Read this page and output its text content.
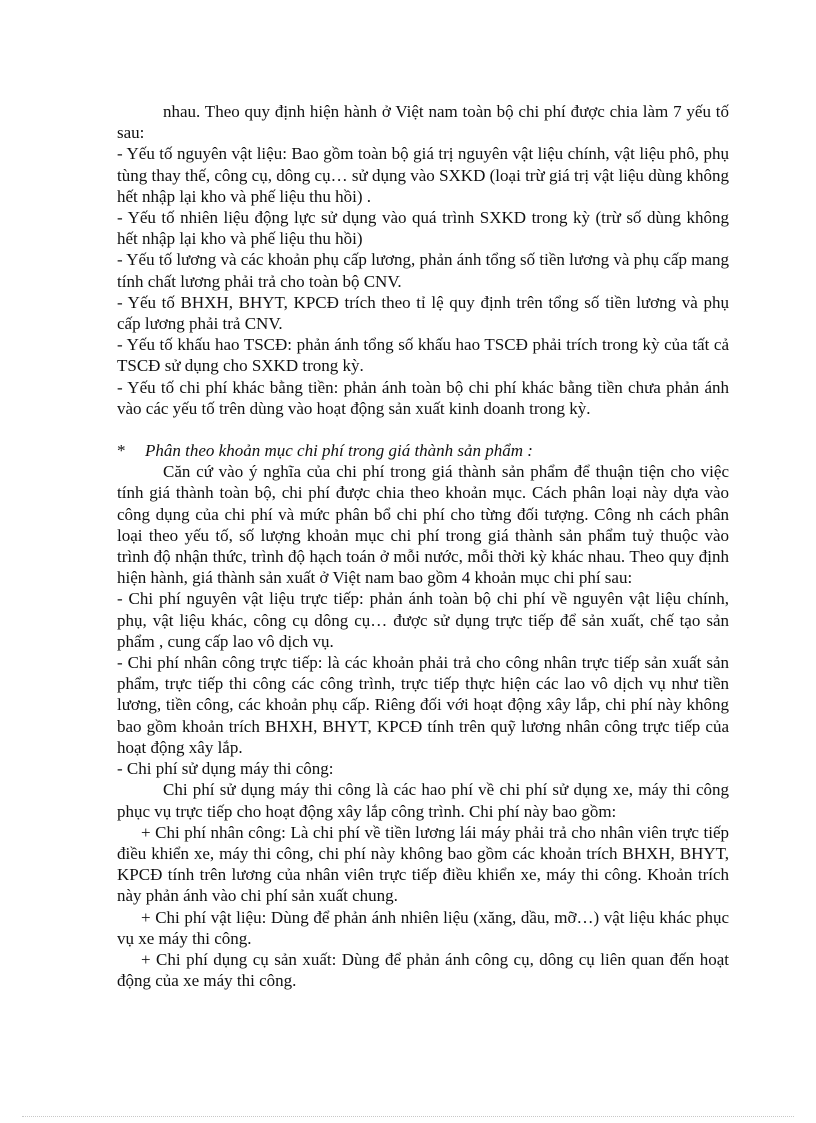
nhau. Theo quy định hiện hành ở Việt nam toàn bộ chi phí được chia làm 7 yếu tố sau:

- Yếu tố nguyên vật liệu: Bao gồm toàn bộ giá trị nguyên vật liệu chính, vật liệu phô, phụ tùng thay thế, công cụ, dông cụ… sử dụng vào SXKD (loại trừ giá trị vật liệu dùng không hết nhập lại kho và phế liệu thu hồi) .

- Yếu tố nhiên liệu động lực sử dụng vào quá trình SXKD trong kỳ (trừ số dùng không hết nhập lại kho và phế liệu thu hồi)

- Yếu tố lương và các khoản phụ cấp lương, phản ánh tổng số tiền lương và phụ cấp mang tính chất lương phải trả cho toàn bộ CNV.

- Yếu tố BHXH, BHYT, KPCĐ trích theo tỉ lệ quy định trên tổng số tiền lương và phụ cấp lương phải trả CNV.

- Yếu tố khấu hao TSCĐ: phản ánh tổng số khấu hao TSCĐ phải trích trong kỳ của tất cả TSCĐ sử dụng cho SXKD trong kỳ.

- Yếu tố chi phí khác bằng tiền: phản ánh toàn bộ chi phí khác bằng tiền chưa phản ánh vào các yếu tố trên dùng vào hoạt động sản xuất kinh doanh trong kỳ.

* Phân theo khoản mục chi phí trong giá thành sản phẩm :

Căn cứ vào ý nghĩa của chi phí trong giá thành sản phẩm để thuận tiện cho việc tính giá thành toàn bộ, chi phí được chia theo khoản mục. Cách phân loại này dựa vào công dụng của chi phí và mức phân bổ chi phí cho từng đối tượng. Công nh cách phân loại theo yếu tố, số lượng khoản mục chi phí trong giá thành sản phẩm tuỷ thuộc vào trình độ nhận thức, trình độ hạch toán ở mỗi nước, mỗi thời kỳ khác nhau. Theo quy định hiện hành, giá thành sản xuất ở Việt nam bao gồm 4 khoản mục chi phí sau:

- Chi phí nguyên vật liệu trực tiếp: phản ánh toàn bộ chi phí về nguyên vật liệu chính, phụ, vật liệu khác, công cụ dông cụ… được sử dụng trực tiếp để sản xuất, chế tạo sản phẩm , cung cấp lao vô dịch vụ.

- Chi phí nhân công trực tiếp: là các khoản phải trả cho công nhân trực tiếp sản xuất sản phẩm, trực tiếp thi công các công trình, trực tiếp thực hiện các lao vô dịch vụ như tiền lương, tiền công, các khoản phụ cấp. Riêng đối với hoạt động xây lắp, chi phí này không bao gồm khoản trích BHXH, BHYT, KPCĐ tính trên quỹ lương nhân công trực tiếp của hoạt động xây lắp.

- Chi phí sử dụng máy thi công:

Chi phí sử dụng máy thi công là các hao phí về chi phí sử dụng xe, máy thi công phục vụ trực tiếp cho hoạt động xây lắp công trình. Chi phí này bao gồm:

+ Chi phí nhân công: Là chi phí về tiền lương lái máy phải trả cho nhân viên trực tiếp điều khiển xe, máy thi công, chi phí này không bao gồm các khoản trích BHXH, BHYT, KPCĐ tính trên lương của nhân viên trực tiếp điều khiển xe, máy thi công. Khoản trích này phản ánh vào chi phí sản xuất chung.

+ Chi phí vật liệu: Dùng để phản ánh nhiên liệu (xăng, dầu, mỡ…) vật liệu khác phục vụ xe máy thi công.

+ Chi phí dụng cụ sản xuất: Dùng để phản ánh công cụ, dông cụ liên quan đến hoạt động của xe máy thi công.
